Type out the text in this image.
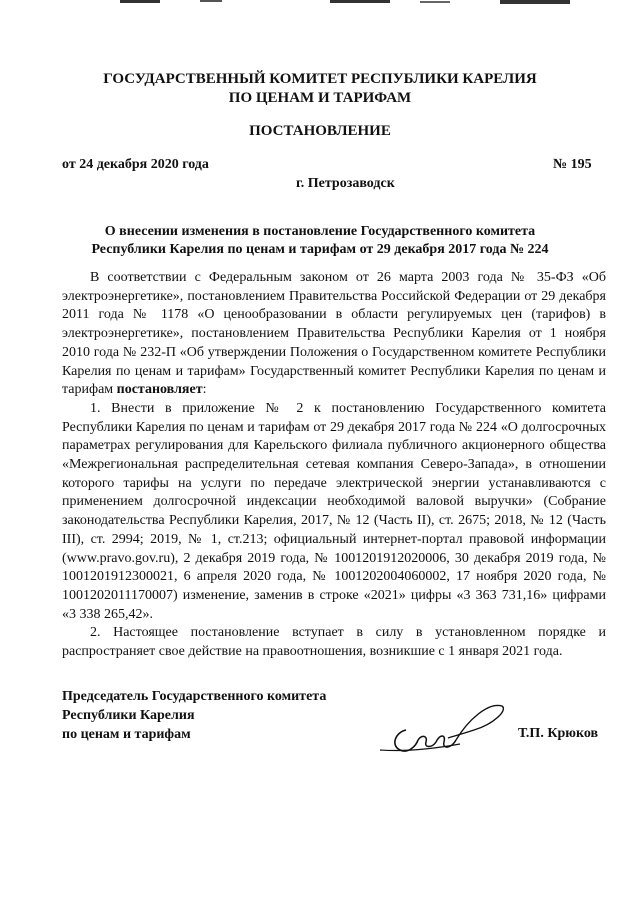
ГОСУДАРСТВЕННЫЙ КОМИТЕТ РЕСПУБЛИКИ КАРЕЛИЯ
ПО ЦЕНАМ И ТАРИФАМ
ПОСТАНОВЛЕНИЕ
от 24 декабря 2020 года	№ 195
г. Петрозаводск
О внесении изменения в постановление Государственного комитета
Республики Карелия по ценам и тарифам от 29 декабря 2017 года № 224

В соответствии с Федеральным законом от 26 марта 2003 года № 35-ФЗ «Об электроэнергетике», постановлением Правительства Российской Федерации от 29 декабря 2011 года № 1178 «О ценообразовании в области регулируемых цен (тарифов) в электроэнергетике», постановлением Правительства Республики Карелия от 1 ноября 2010 года № 232-П «Об утверждении Положения о Государственном комитете Республики Карелия по ценам и тарифам» Государственный комитет Республики Карелия по ценам и тарифам постановляет:

1. Внести в приложение № 2 к постановлению Государственного комитета Республики Карелия по ценам и тарифам от 29 декабря 2017 года № 224 «О долгосрочных параметрах регулирования для Карельского филиала публичного акционерного общества «Межрегиональная распределительная сетевая компания Северо-Запада», в отношении которого тарифы на услуги по передаче электрической энергии устанавливаются с применением долгосрочной индексации необходимой валовой выручки» (Собрание законодательства Республики Карелия, 2017, № 12 (Часть II), ст. 2675; 2018, № 12 (Часть III), ст. 2994; 2019, № 1, ст.213; официальный интернет-портал правовой информации (www.pravo.gov.ru), 2 декабря 2019 года, № 1001201912020006, 30 декабря 2019 года, № 1001201912300021, 6 апреля 2020 года, № 1001202004060002, 17 ноября 2020 года, № 1001202011170007) изменение, заменив в строке «2021» цифры «3 363 731,16» цифрами «3 338 265,42».

2. Настоящее постановление вступает в силу в установленном порядке и распространяет свое действие на правоотношения, возникшие с 1 января 2021 года.

Председатель Государственного комитета
Республики Карелия
по ценам и тарифам	Т.П. Крюков
